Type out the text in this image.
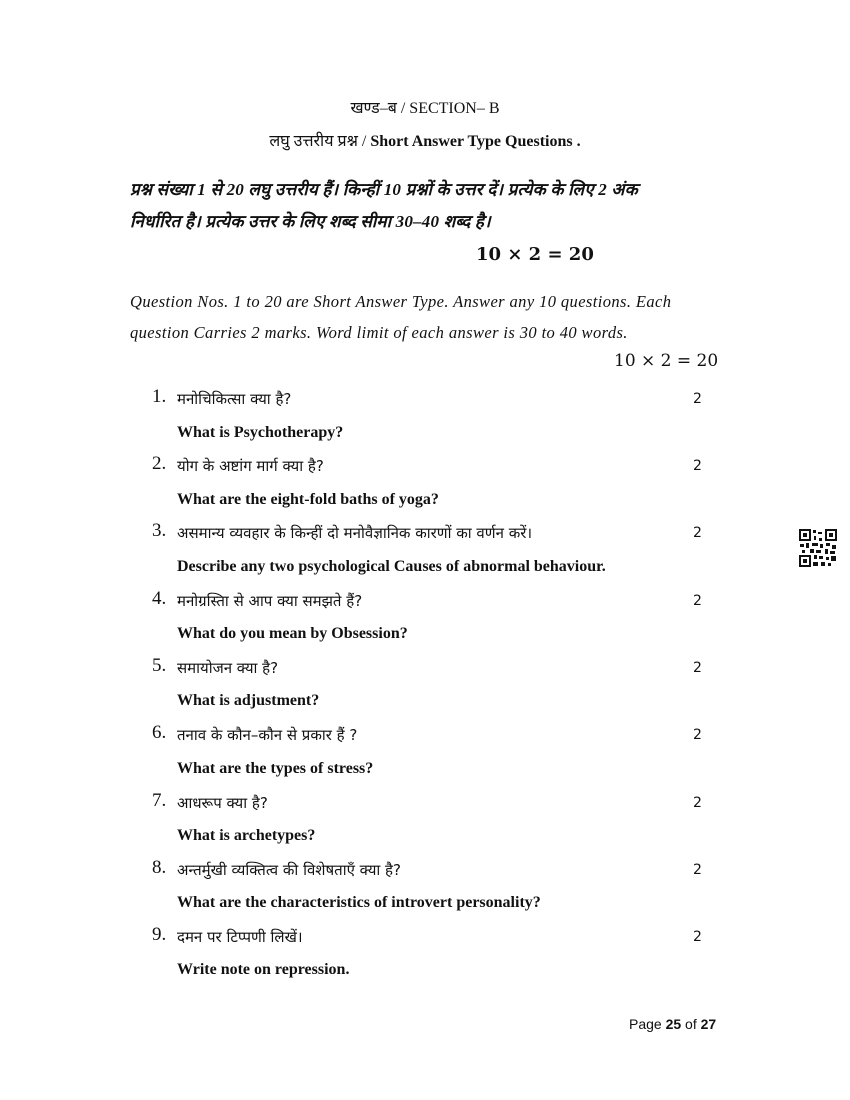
खण्ड–ब / SECTION– B
लघु उत्तरीय प्रश्न / Short Answer Type Questions .
प्रश्न संख्या 1 से 20 लघु उत्तरीय हैं। किन्हीं 10 प्रश्नों के उत्तर दें। प्रत्येक के लिए 2 अंक
निर्धारित है। प्रत्येक उत्तर के लिए शब्द सीमा 30–40 शब्द है।
10 × 2 = 20
Question Nos. 1 to 20 are Short Answer Type. Answer any 10 questions. Each
question Carries 2 marks. Word limit of each answer is 30 to 40 words.
10 × 2 = 20
1. मनोचिकित्सा क्या है?	2
What is Psychotherapy?
2. योग के अष्टांग मार्ग क्या है?	2
What are the eight-fold baths of yoga?
3. असमान्य व्यवहार के किन्हीं दो मनोवैज्ञानिक कारणों का वर्णन करें।	2
Describe any two psychological Causes of abnormal behaviour.
4. मनोग्रस्तिा से आप क्या समझते हैं?	2
What do you mean by Obsession?
5. समायोजन क्या है?	2
What is adjustment?
6. तनाव के कौन–कौन से प्रकार हैं ?	2
What are the types of stress?
7. आधरूप क्या है?	2
What is archetypes?
8. अन्तर्मुखी व्यक्तित्व की विशेषताएँ क्या है?	2
What are the characteristics of introvert personality?
9. दमन पर टिप्पणी लिखें।	2
Write note on repression.
Page 25 of 27
